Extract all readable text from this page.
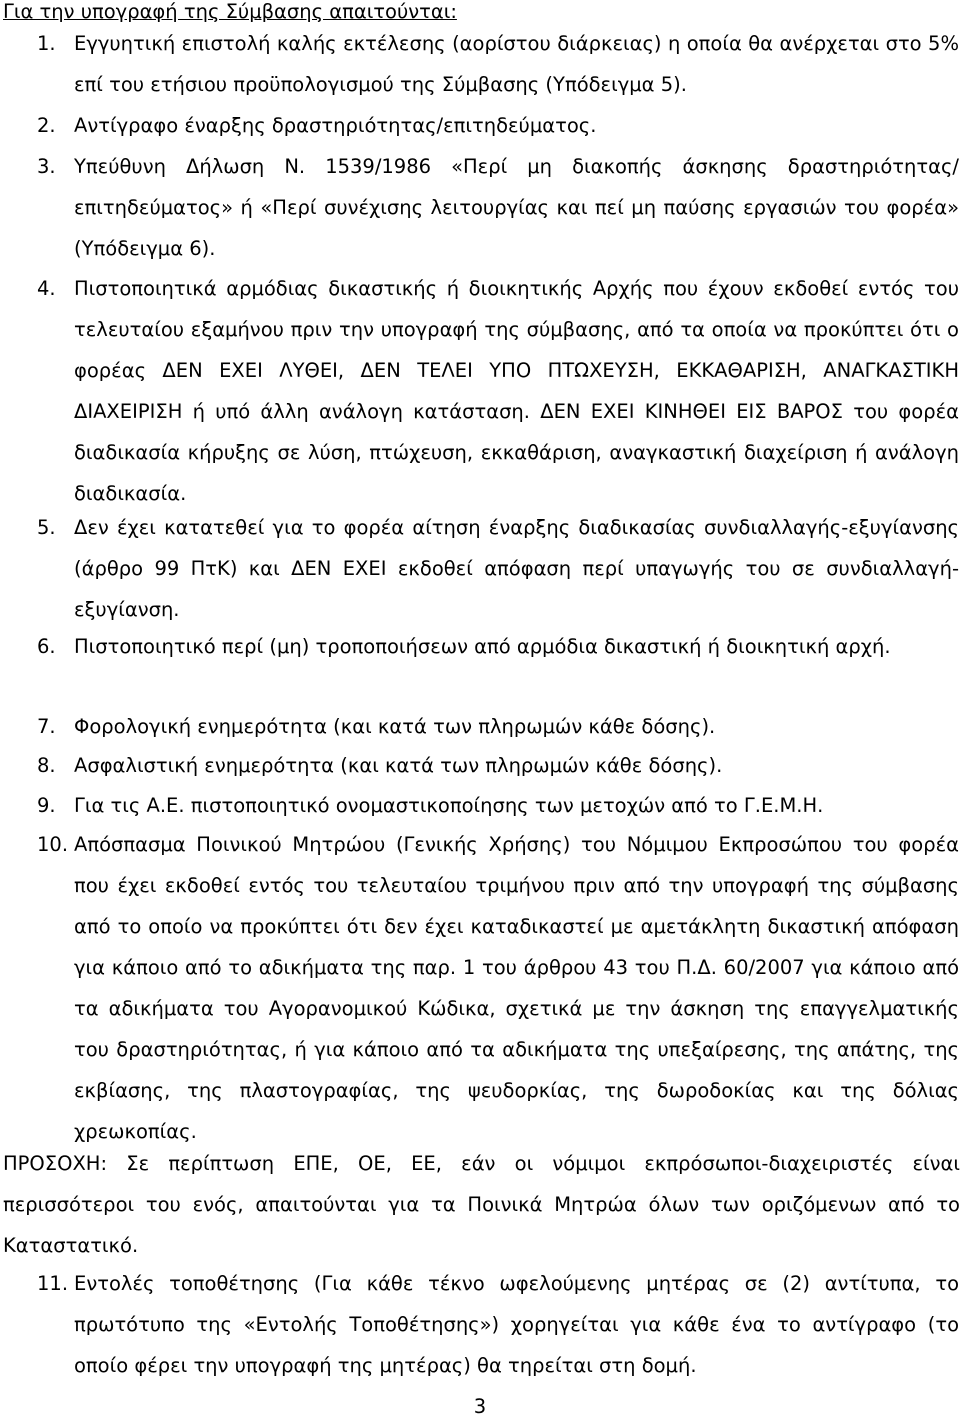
Για την υπογραφή της Σύμβασης απαιτούνται:
1. Εγγυητική επιστολή καλής εκτέλεσης (αορίστου διάρκειας) η οποία θα ανέρχεται στο 5% επί του ετήσιου προϋπολογισμού της Σύμβασης (Υπόδειγμα 5).
2. Αντίγραφο έναρξης δραστηριότητας/επιτηδεύματος.
3. Υπεύθυνη Δήλωση Ν. 1539/1986 «Περί μη διακοπής άσκησης δραστηριότητας/επιτηδεύματος» ή «Περί συνέχισης λειτουργίας και πεί μη παύσης εργασιών του φορέα» (Υπόδειγμα 6).
4. Πιστοποιητικά αρμόδιας δικαστικής ή διοικητικής Αρχής που έχουν εκδοθεί εντός του τελευταίου εξαμήνου πριν την υπογραφή της σύμβασης, από τα οποία να προκύπτει ότι ο φορέας ΔΕΝ ΕΧΕΙ ΛΥΘΕΙ, ΔΕΝ ΤΕΛΕΙ ΥΠΟ ΠΤΩΧΕΥΣΗ, ΕΚΚΑΘΑΡΙΣΗ, ΑΝΑΓΚΑΣΤΙΚΗ ΔΙΑΧΕΙΡΙΣΗ ή υπό άλλη ανάλογη κατάσταση. ΔΕΝ ΕΧΕΙ ΚΙΝΗΘΕΙ ΕΙΣ ΒΑΡΟΣ του φορέα διαδικασία κήρυξης σε λύση, πτώχευση, εκκαθάριση, αναγκαστική διαχείριση ή ανάλογη διαδικασία.
5. Δεν έχει κατατεθεί για το φορέα αίτηση έναρξης διαδικασίας συνδιαλλαγής-εξυγίανσης (άρθρο 99 ΠτΚ) και ΔΕΝ ΕΧΕΙ εκδοθεί απόφαση περί υπαγωγής του σε συνδιαλλαγή-εξυγίανση.
6. Πιστοποιητικό περί (μη) τροποποιήσεων από αρμόδια δικαστική ή διοικητική αρχή.
7. Φορολογική ενημερότητα (και κατά των πληρωμών κάθε δόσης).
8. Ασφαλιστική ενημερότητα (και κατά των πληρωμών κάθε δόσης).
9. Για τις Α.Ε. πιστοποιητικό ονομαστικοποίησης των μετοχών από το Γ.Ε.Μ.Η.
10. Απόσπασμα Ποινικού Μητρώου (Γενικής Χρήσης) του Νόμιμου Εκπροσώπου του φορέα που έχει εκδοθεί εντός του τελευταίου τριμήνου πριν από την υπογραφή της σύμβασης από το οποίο να προκύπτει ότι δεν έχει καταδικαστεί με αμετάκλητη δικαστική απόφαση για κάποιο από το αδικήματα της παρ. 1 του άρθρου 43 του Π.Δ. 60/2007 για κάποιο από τα αδικήματα του Αγορανομικού Κώδικα, σχετικά με την άσκηση της επαγγελματικής του δραστηριότητας, ή για κάποιο από τα αδικήματα της υπεξαίρεσης, της απάτης, της εκβίασης, της πλαστογραφίας, της ψευδορκίας, της δωροδοκίας και της δόλιας χρεωκοπίας.
ΠΡΟΣΟΧΗ: Σε περίπτωση ΕΠΕ, ΟΕ, ΕΕ, εάν οι νόμιμοι εκπρόσωποι-διαχειριστές είναι περισσότεροι του ενός, απαιτούνται για τα Ποινικά Μητρώα όλων των οριζόμενων από το Καταστατικό.
11. Εντολές τοποθέτησης (Για κάθε τέκνο ωφελούμενης μητέρας σε (2) αντίτυπα, το πρωτότυπο της «Εντολής Τοποθέτησης») χορηγείται για κάθε ένα το αντίγραφο (το οποίο φέρει την υπογραφή της μητέρας) θα τηρείται στη δομή.
3
